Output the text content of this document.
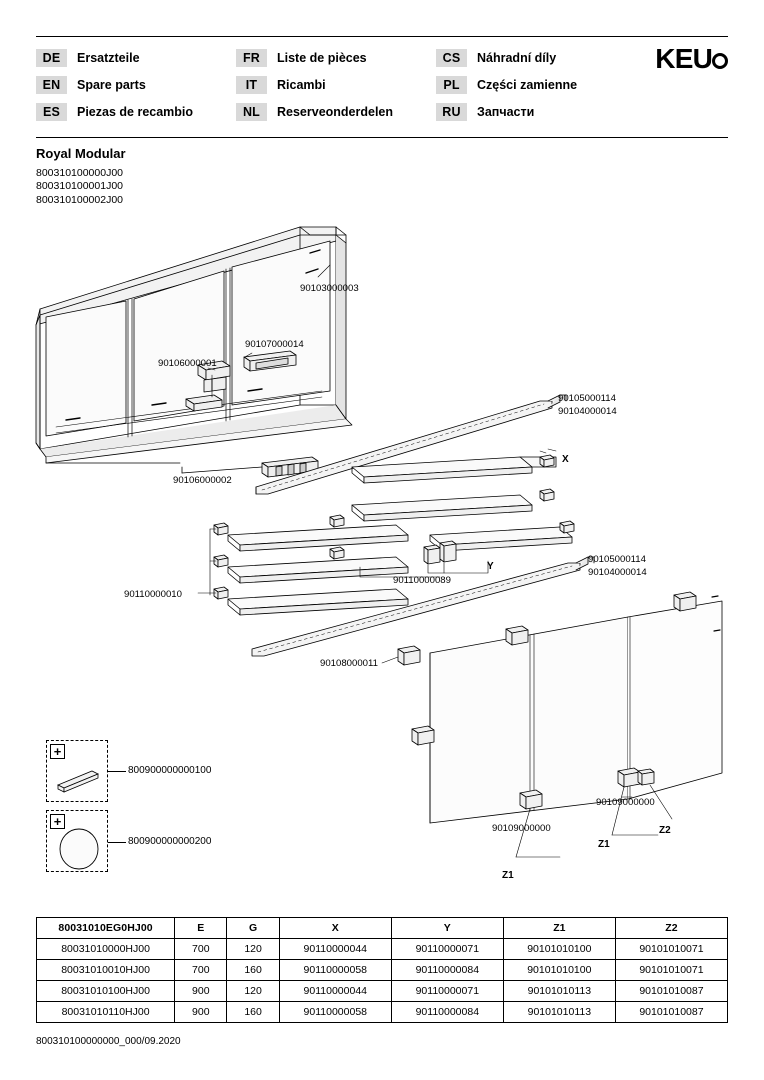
DE	Ersatzteile	FR	Liste de pièces	CS	Náhradní díly
EN	Spare parts	IT	Ricambi	PL	Części zamienne
ES	Piezas de recambio	NL	Reserveonderdelen	RU	Запчасти
KEU
Royal Modular
800310100000J00
800310100001J00
800310100002J00
90103000003
90107000014
90106000001
90106000002
90105000114
90104000014
X
Y
90110000089
90105000114
90104000014
90110000010
90108000011
90109000000
90109000000
Z1
Z2
Z1
+
800900000000100
+
800900000000200
80031010EG0HJ00	E	G	X	Y	Z1	Z2
80031010000HJ00	700	120	90110000044	90110000071	90101010100	90101010071
80031010010HJ00	700	160	90110000058	90110000084	90101010100	90101010071
80031010100HJ00	900	120	90110000044	90110000071	90101010113	90101010087
80031010110HJ00	900	160	90110000058	90110000084	90101010113	90101010087
800310100000000_000/09.2020
